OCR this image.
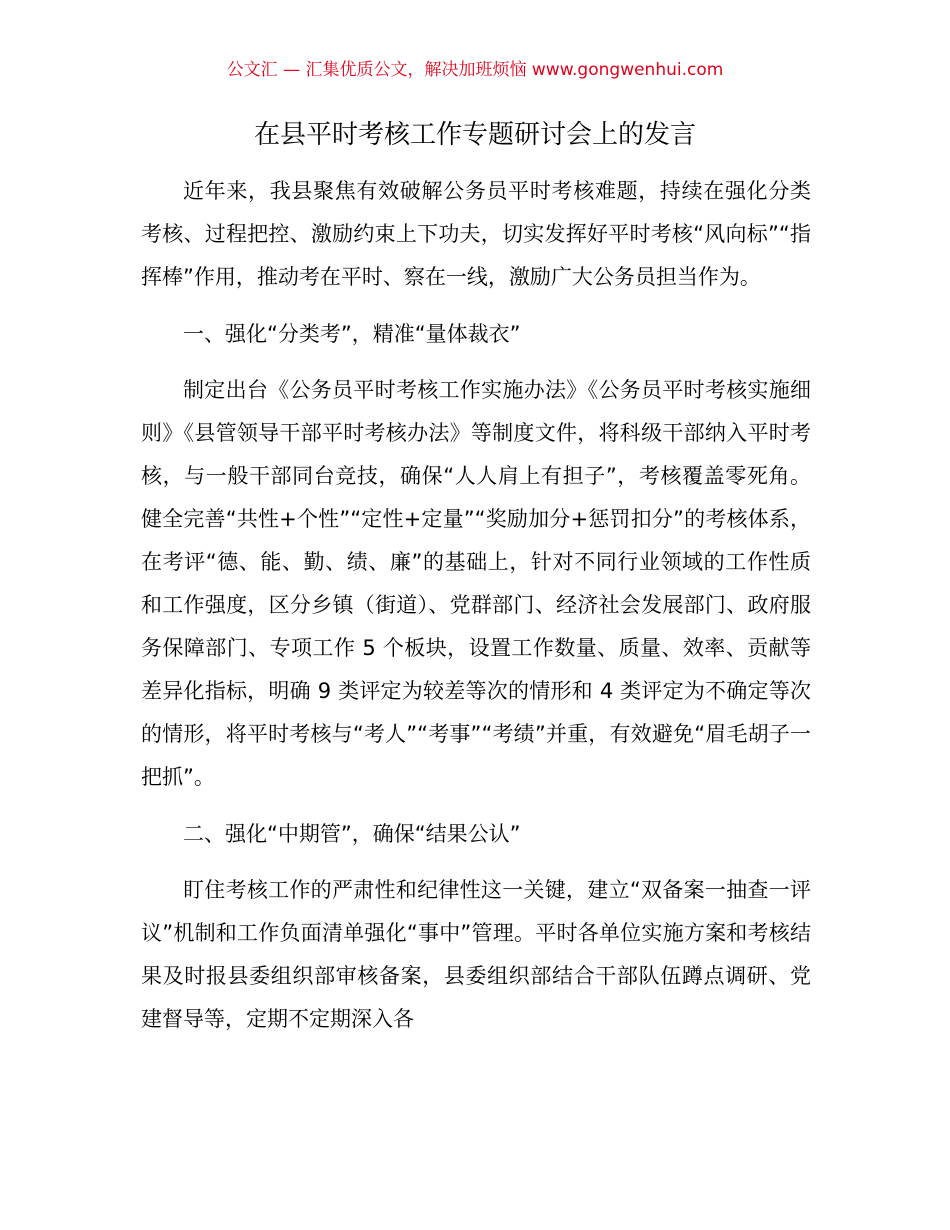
公文汇 — 汇集优质公文，解决加班烦恼 www.gongwenhui.com
在县平时考核工作专题研讨会上的发言

近年来，我县聚焦有效破解公务员平时考核难题，持续在强化分类考核、过程把控、激励约束上下功夫，切实发挥好平时考核“风向标”“指挥棒”作用，推动考在平时、察在一线，激励广大公务员担当作为。

一、强化“分类考”，精准“量体裁衣”

制定出台《公务员平时考核工作实施办法》《公务员平时考核实施细则》《县管领导干部平时考核办法》等制度文件，将科级干部纳入平时考核，与一般干部同台竞技，确保“人人肩上有担子”，考核覆盖零死角。健全完善“共性+个性”“定性+定量”“奖励加分+惩罚扣分”的考核体系，在考评“德、能、勤、绩、廉”的基础上，针对不同行业领域的工作性质和工作强度，区分乡镇（街道）、党群部门、经济社会发展部门、政府服务保障部门、专项工作 5 个板块，设置工作数量、质量、效率、贡献等差异化指标，明确 9 类评定为较差等次的情形和 4 类评定为不确定等次的情形，将平时考核与“考人”“考事”“考绩”并重，有效避免“眉毛胡子一把抓”。

二、强化“中期管”，确保“结果公认”

盯住考核工作的严肃性和纪律性这一关键，建立“双备案一抽查一评议”机制和工作负面清单强化“事中”管理。平时各单位实施方案和考核结果及时报县委组织部审核备案，县委组织部结合干部队伍蹲点调研、党建督导等，定期不定期深入各
